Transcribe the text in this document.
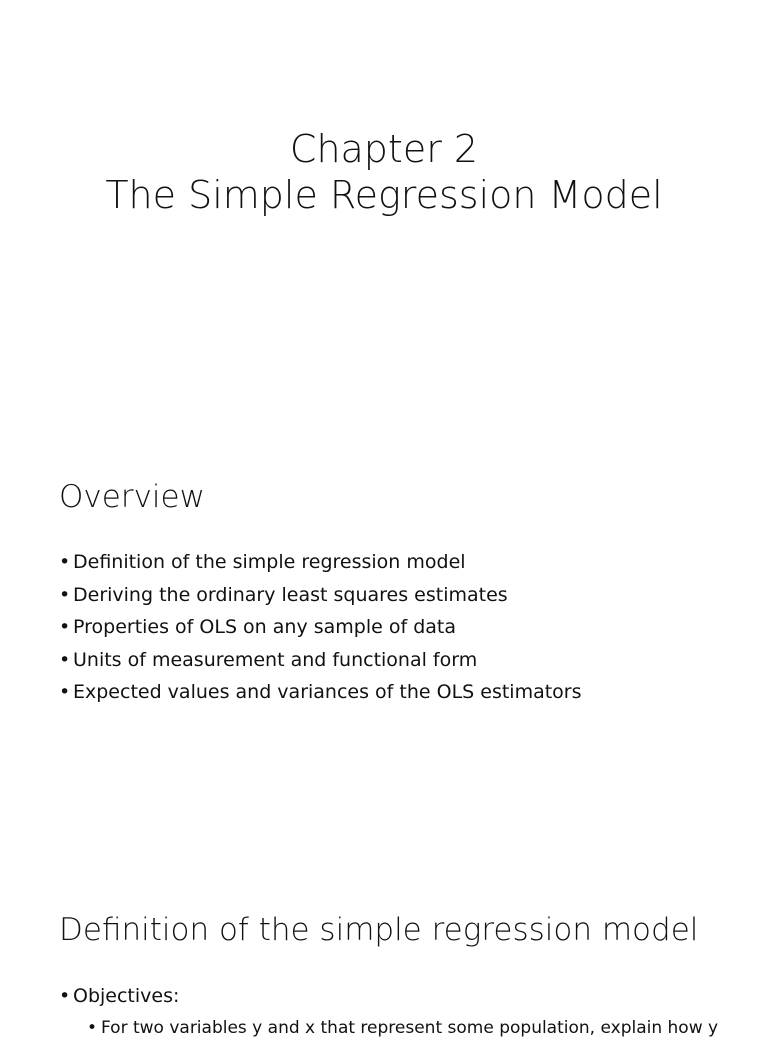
Chapter 2
The Simple Regression Model
Overview
• Definition of the simple regression model
• Deriving the ordinary least squares estimates
• Properties of OLS on any sample of data
• Units of measurement and functional form
• Expected values and variances of the OLS estimators
Definition of the simple regression model
• Objectives:
• For two variables y and x that represent some population, explain how y
